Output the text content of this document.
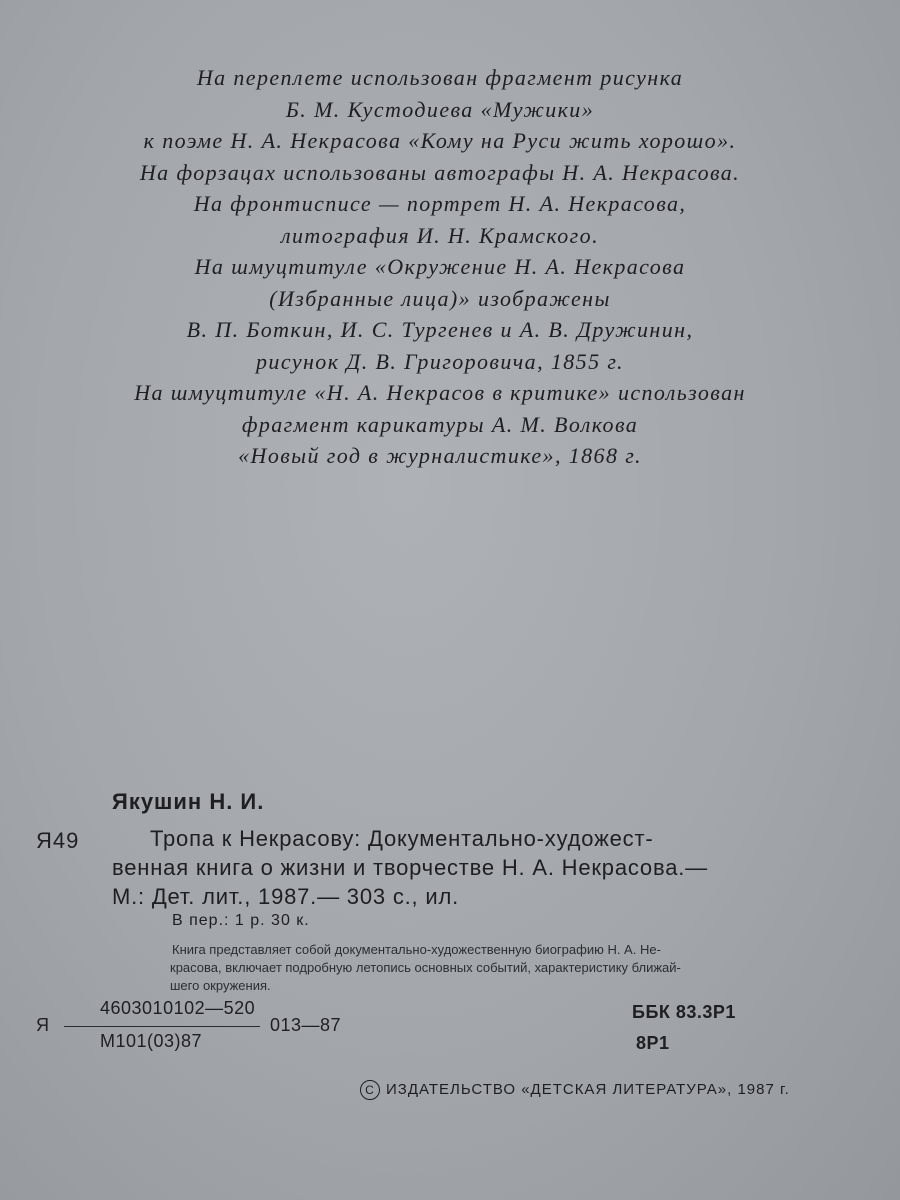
На переплете использован фрагмент рисунка
Б. М. Кустодиева «Мужики»
к поэме Н. А. Некрасова «Кому на Руси жить хорошо».
На форзацах использованы автографы Н. А. Некрасова.
На фронтисписе — портрет Н. А. Некрасова,
литография И. Н. Крамского.
На шмуцтитуле «Окружение Н. А. Некрасова
(Избранные лица)» изображены
В. П. Боткин, И. С. Тургенев и А. В. Дружинин,
рисунок Д. В. Григоровича, 1855 г.
На шмуцтитуле «Н. А. Некрасов в критике» использован
фрагмент карикатуры А. М. Волкова
«Новый год в журналистике», 1868 г.
Якушин Н. И.
Я49	Тропа к Некрасову: Документально-художест-
венная книга о жизни и творчестве Н. А. Некрасова.—
М.: Дет. лит., 1987.— 303 с., ил.
В пер.: 1 р. 30 к.
Книга представляет собой документально-художественную биографию Н. А. Не-
красова, включает подробную летопись основных событий, характеристику ближай-
шего окружения.
Я
4603010102—520
М101(03)87
013—87
ББК 83.3Р1
8Р1
C ИЗДАТЕЛЬСТВО «ДЕТСКАЯ ЛИТЕРАТУРА», 1987 г.
